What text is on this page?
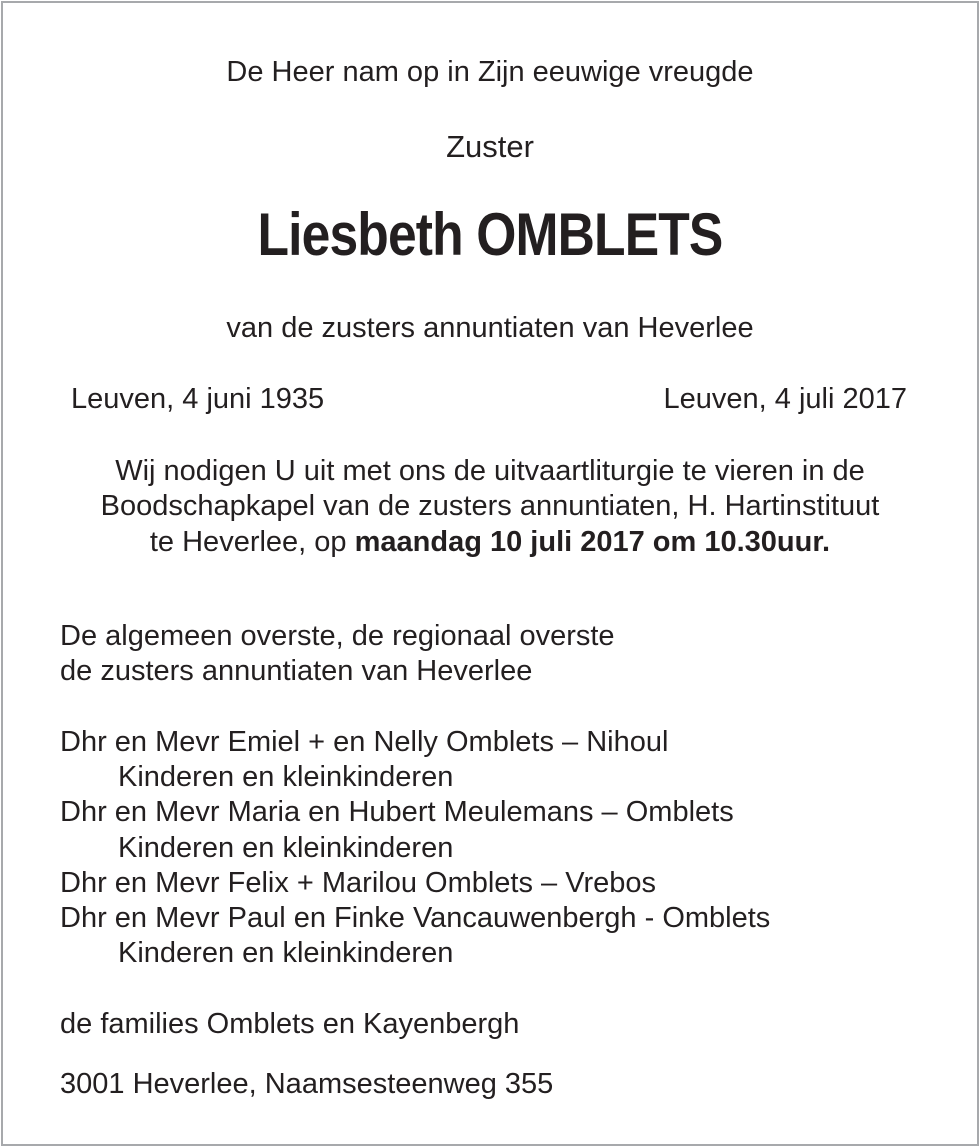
De Heer nam op in Zijn eeuwige vreugde
Zuster
Liesbeth OMBLETS
van de zusters annuntiaten van Heverlee
Leuven, 4 juni 1935	Leuven, 4 juli 2017
Wij nodigen U uit met ons de uitvaartliturgie te vieren in de
Boodschapkapel van de zusters annuntiaten, H. Hartinstituut
te Heverlee, op maandag 10 juli 2017 om 10.30uur.
De algemeen overste, de regionaal overste
de zusters annuntiaten van Heverlee
Dhr en Mevr Emiel + en Nelly Omblets – Nihoul
Kinderen en kleinkinderen
Dhr en Mevr Maria en Hubert Meulemans – Omblets
Kinderen en kleinkinderen
Dhr en Mevr Felix + Marilou Omblets – Vrebos
Dhr en Mevr Paul en Finke Vancauwenbergh - Omblets
Kinderen en kleinkinderen
de families Omblets en Kayenbergh
3001 Heverlee, Naamsesteenweg 355
